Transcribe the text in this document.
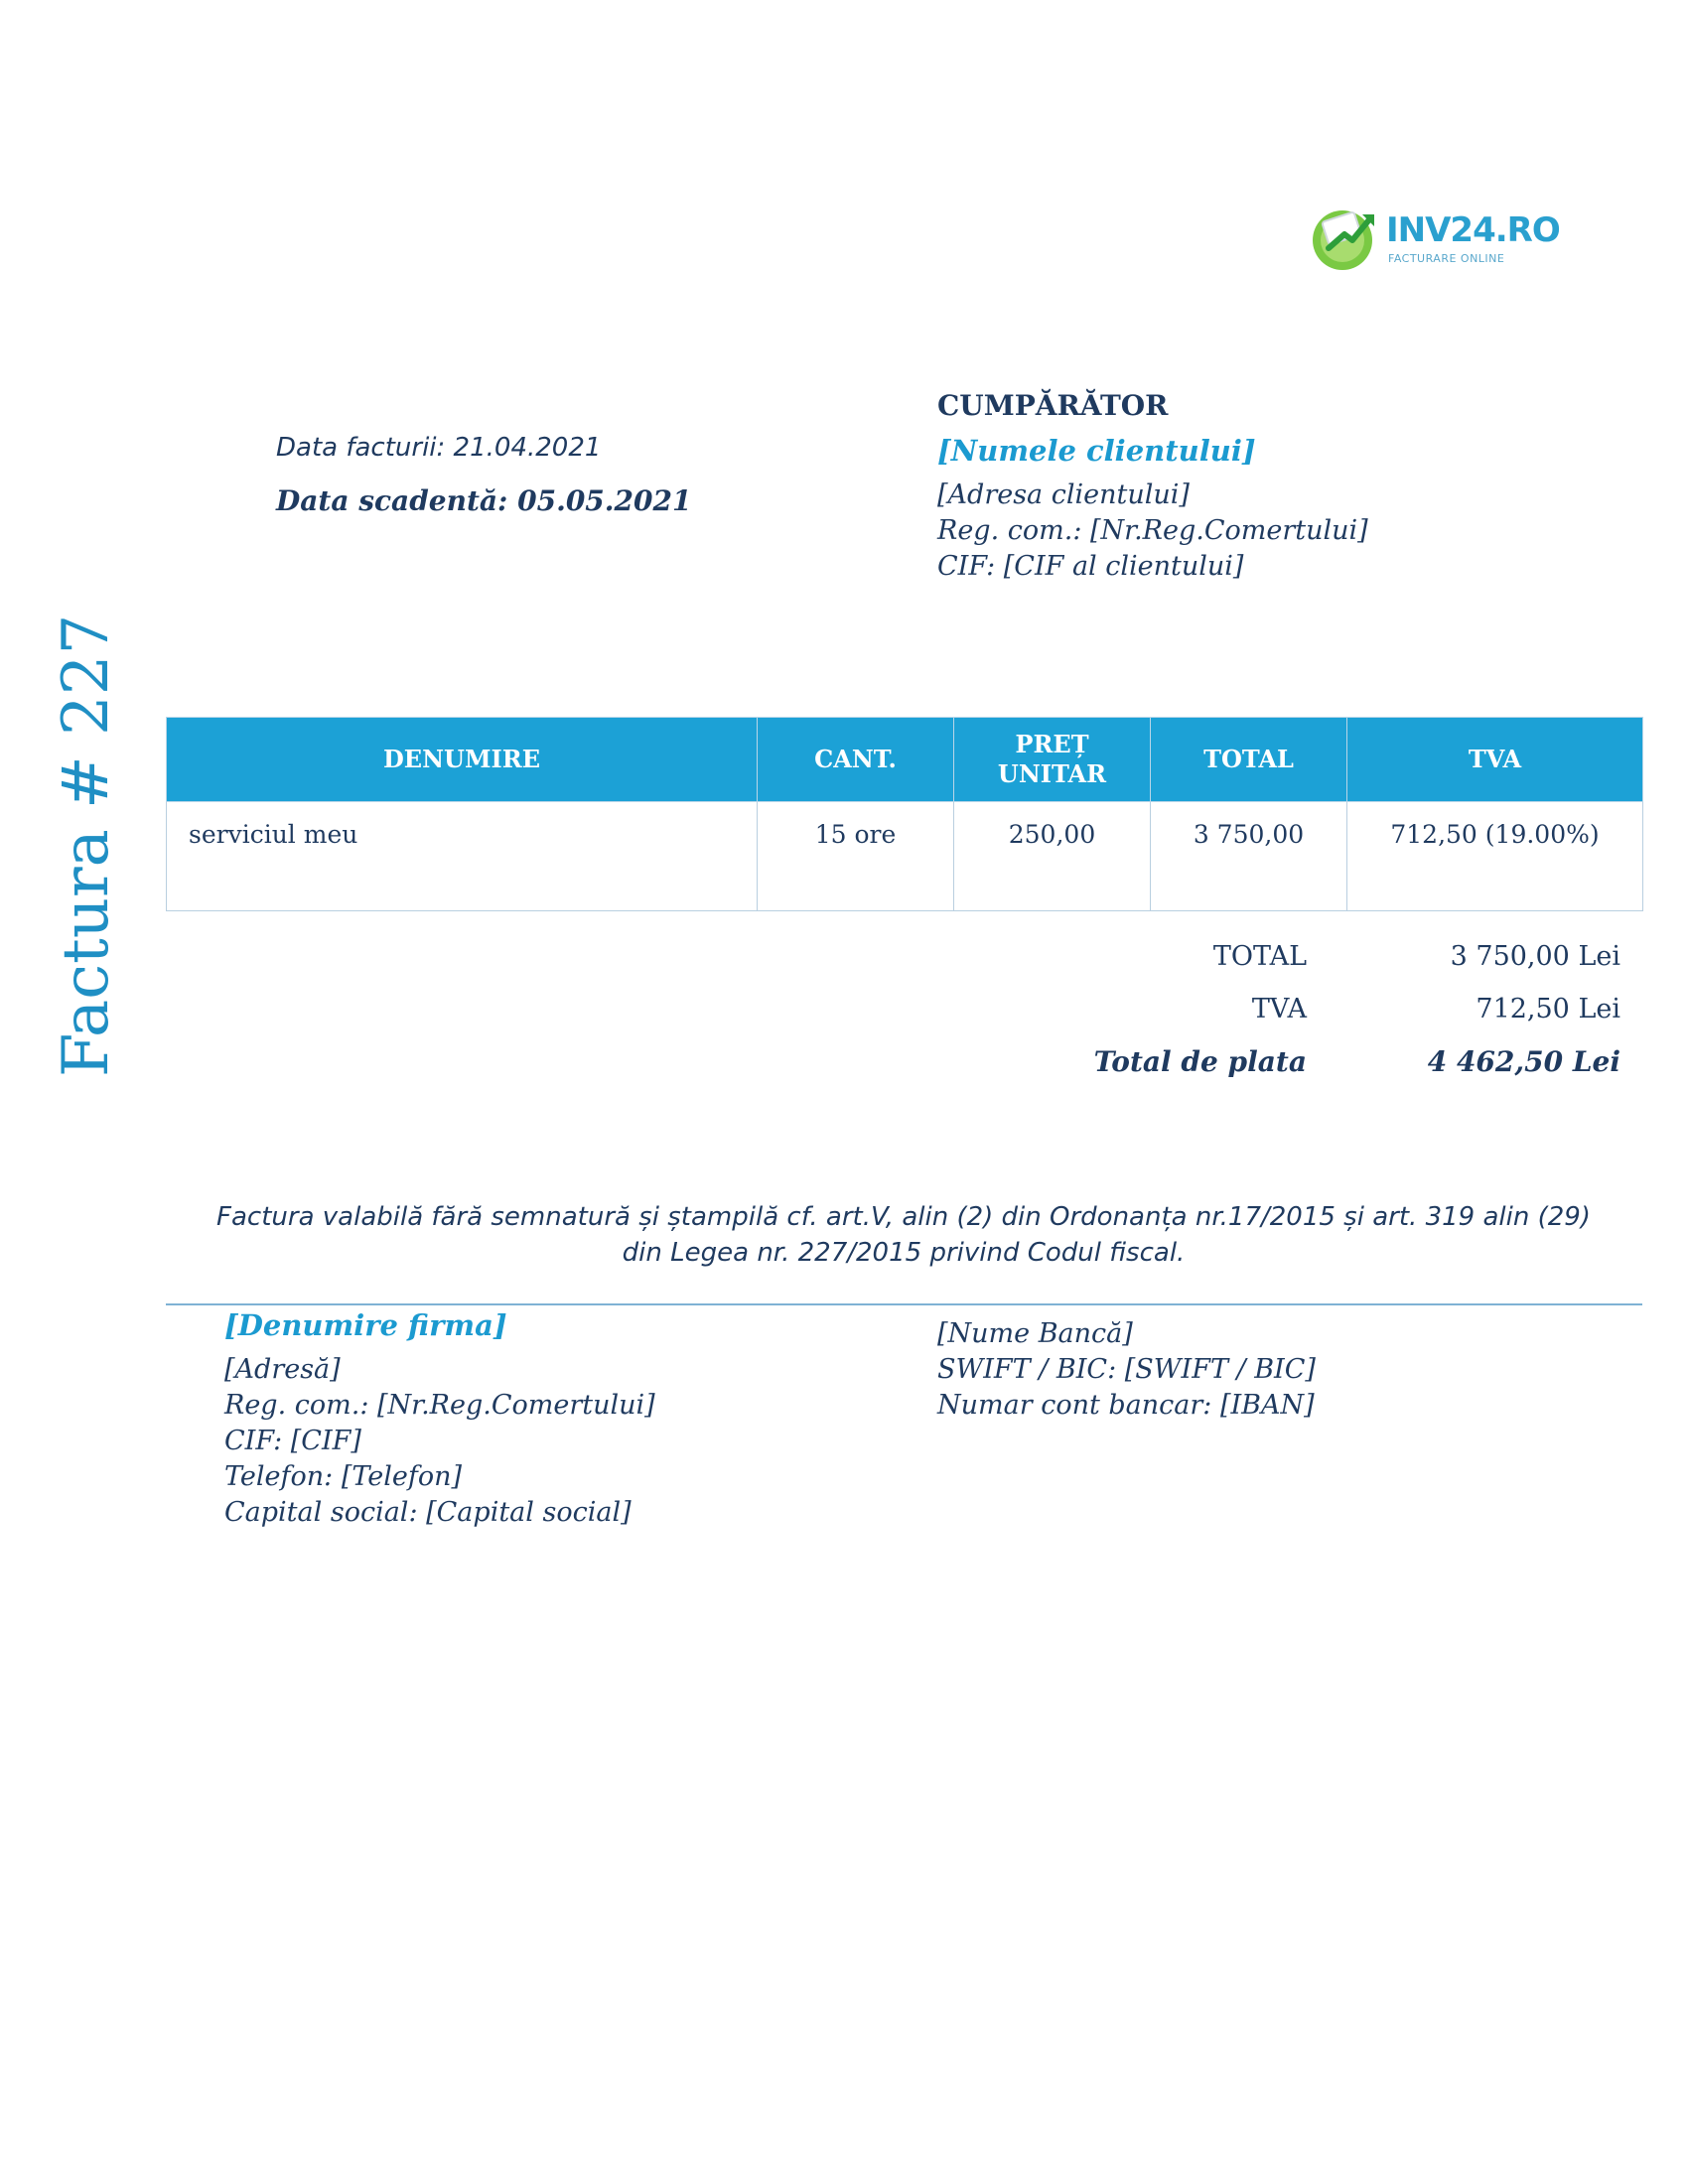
INV24.RO
FACTURARE ONLINE
Factura # 227
Data facturii: 21.04.2021
Data scadentă: 05.05.2021
CUMPĂRĂTOR
[Numele clientului]
[Adresa clientului]
Reg. com.: [Nr.Reg.Comertului]
CIF: [CIF al clientului]
DENUMIRE	CANT.	PREȚ UNITAR	TOTAL	TVA
serviciul meu	15 ore	250,00	3 750,00	712,50 (19.00%)
TOTAL	3 750,00 Lei
TVA	712,50 Lei
Total de plata	4 462,50 Lei
Factura valabilă fără semnatură și ștampilă cf. art.V, alin (2) din Ordonanța nr.17/2015 și art. 319 alin (29) din Legea nr. 227/2015 privind Codul fiscal.
[Denumire firma]
[Adresă]
Reg. com.: [Nr.Reg.Comertului]
CIF: [CIF]
Telefon: [Telefon]
Capital social: [Capital social]
[Nume Bancă]
SWIFT / BIC: [SWIFT / BIC]
Numar cont bancar: [IBAN]
